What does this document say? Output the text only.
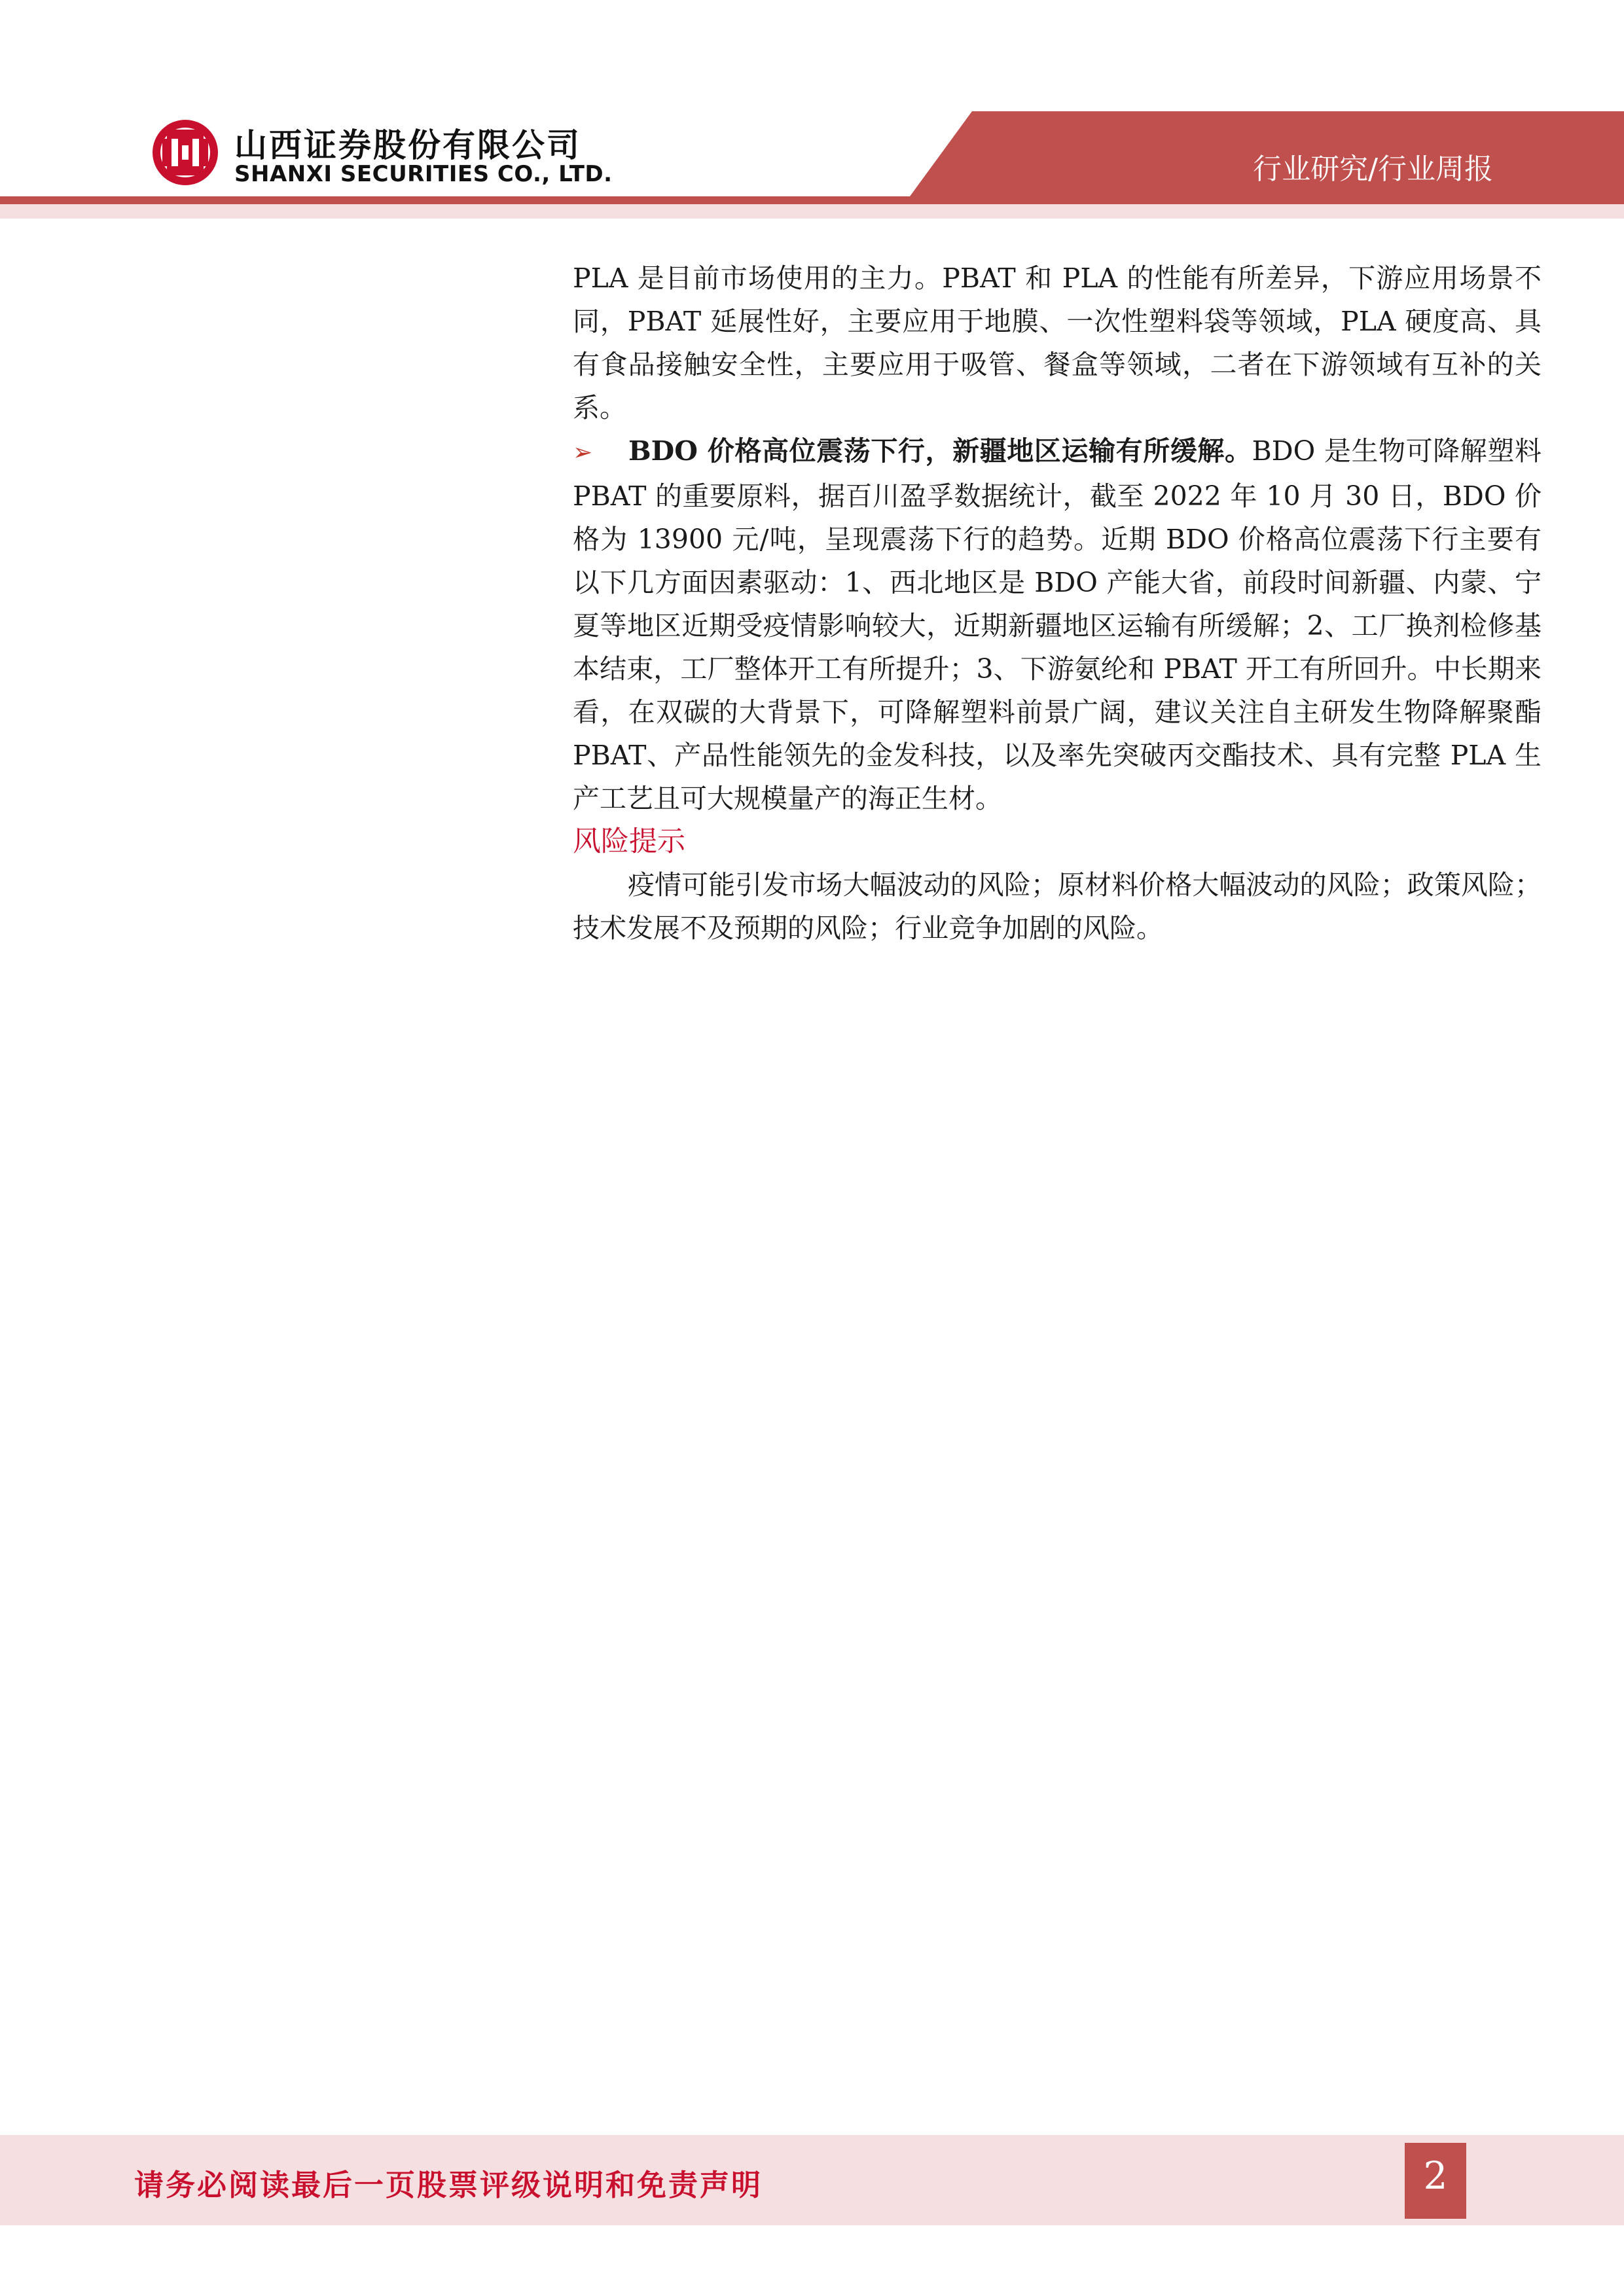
山西证券股份有限公司
SHANXI SECURITIES CO., LTD.	行业研究/行业周报

PLA 是目前市场使用的主力。PBAT 和 PLA 的性能有所差异，下游应用场景不同，PBAT 延展性好，主要应用于地膜、一次性塑料袋等领域，PLA 硬度高、具有食品接触安全性，主要应用于吸管、餐盒等领域，二者在下游领域有互补的关系。

➢ BDO 价格高位震荡下行，新疆地区运输有所缓解。BDO 是生物可降解塑料 PBAT 的重要原料，据百川盈孚数据统计，截至 2022 年 10 月 30 日，BDO 价格为 13900 元/吨，呈现震荡下行的趋势。近期 BDO 价格高位震荡下行主要有以下几方面因素驱动：1、西北地区是 BDO 产能大省，前段时间新疆、内蒙、宁夏等地区近期受疫情影响较大，近期新疆地区运输有所缓解；2、工厂换剂检修基本结束，工厂整体开工有所提升；3、下游氨纶和 PBAT 开工有所回升。中长期来看，在双碳的大背景下，可降解塑料前景广阔，建议关注自主研发生物降解聚酯 PBAT、产品性能领先的金发科技，以及率先突破丙交酯技术、具有完整 PLA 生产工艺且可大规模量产的海正生材。

风险提示

疫情可能引发市场大幅波动的风险；原材料价格大幅波动的风险；政策风险；技术发展不及预期的风险；行业竞争加剧的风险。

请务必阅读最后一页股票评级说明和免责声明	2
